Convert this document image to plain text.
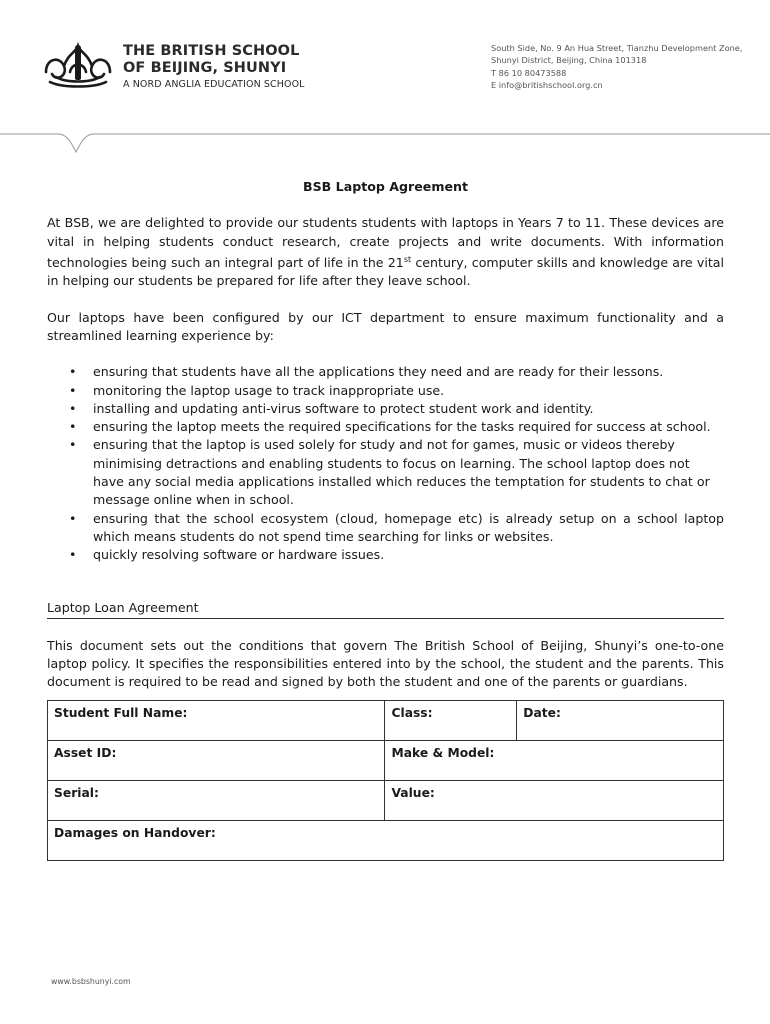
THE BRITISH SCHOOL
OF BEIJING, SHUNYI
A NORD ANGLIA EDUCATION SCHOOL
South Side, No. 9 An Hua Street, Tianzhu Development Zone,
Shunyi District, Beijing, China 101318
T 86 10 80473588
E info@britishschool.org.cn
BSB Laptop Agreement

At BSB, we are delighted to provide our students students with laptops in Years 7 to 11. These devices are vital in helping students conduct research, create projects and write documents. With information technologies being such an integral part of life in the 21st century, computer skills and knowledge are vital in helping our students be prepared for life after they leave school.

Our laptops have been configured by our ICT department to ensure maximum functionality and a streamlined learning experience by:

• ensuring that students have all the applications they need and are ready for their lessons.
• monitoring the laptop usage to track inappropriate use.
• installing and updating anti-virus software to protect student work and identity.
• ensuring the laptop meets the required specifications for the tasks required for success at school.
• ensuring that the laptop is used solely for study and not for games, music or videos thereby minimising detractions and enabling students to focus on learning. The school laptop does not have any social media applications installed which reduces the temptation for students to chat or message online when in school.
• ensuring that the school ecosystem (cloud, homepage etc) is already setup on a school laptop which means students do not spend time searching for links or websites.
• quickly resolving software or hardware issues.
Laptop Loan Agreement

This document sets out the conditions that govern The British School of Beijing, Shunyi’s one-to-one laptop policy. It specifies the responsibilities entered into by the school, the student and the parents. This document is required to be read and signed by both the student and one of the parents or guardians.

Student Full Name:	Class:	Date:
Asset ID:	Make & Model:	
Serial:	Value:	
Damages on Handover:		
www.bsbshunyi.com
